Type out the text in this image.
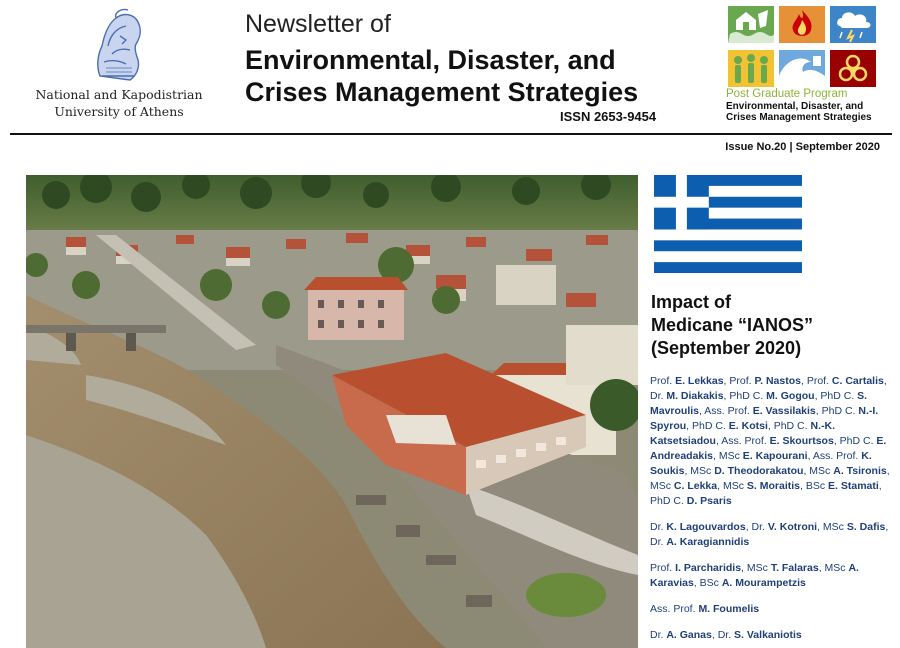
National and Kapodistrian
University of Athens
Newsletter of
Environmental, Disaster, and
Crises Management Strategies
ISSN 2653-9454
Post Graduate Program
Environmental, Disaster, and
Crises Management Strategies
Issue No.20 | September 2020
Impact of
Medicane “IANOS”
(September 2020)
Prof. E. Lekkas, Prof. P. Nastos, Prof. C. Cartalis, Dr. M. Diakakis, PhD C. M. Gogou, PhD C. S. Mavroulis, Ass. Prof. E. Vassilakis, PhD C. N.-I. Spyrou, PhD C. E. Kotsi, PhD C. N.-K. Katsetsiadou, Ass. Prof. E. Skourtsos, PhD C. E. Andreadakis, MSc E. Kapourani, Ass. Prof. K. Soukis, MSc D. Theodorakatou, MSc A. Tsironis, MSc C. Lekka, MSc S. Moraitis, BSc E. Stamati, PhD C. D. Psaris
Dr. K. Lagouvardos, Dr. V. Kotroni, MSc S. Dafis, Dr. A. Karagiannidis
Prof. I. Parcharidis, MSc T. Falaras, MSc A. Karavias, BSc A. Mourampetzis
Ass. Prof. M. Foumelis
Dr. A. Ganas, Dr. S. Valkaniotis
